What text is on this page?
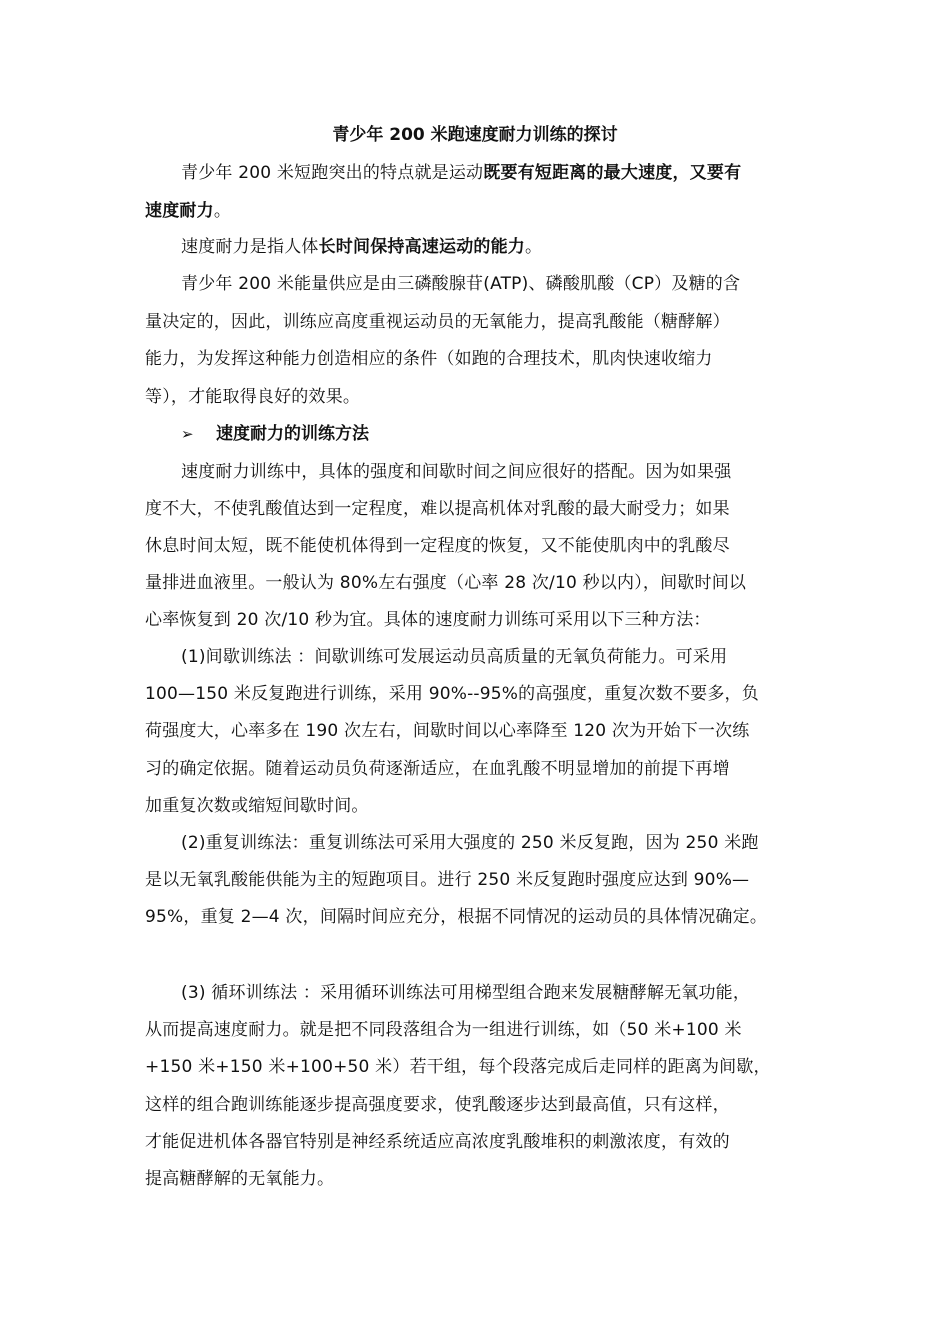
青少年 200 米跑速度耐力训练的探讨
青少年 200 米短跑突出的特点就是运动既要有短距离的最大速度，又要有
速度耐力。
速度耐力是指人体长时间保持高速运动的能力。
青少年 200 米能量供应是由三磷酸腺苷(ATP)、磷酸肌酸（CP）及糖的含
量决定的，因此，训练应高度重视运动员的无氧能力，提高乳酸能（糖酵解）
能力，为发挥这种能力创造相应的条件（如跑的合理技术，肌肉快速收缩力
等），才能取得良好的效果。
➢ 速度耐力的训练方法
速度耐力训练中，具体的强度和间歇时间之间应很好的搭配。因为如果强
度不大，不使乳酸值达到一定程度，难以提高机体对乳酸的最大耐受力；如果
休息时间太短，既不能使机体得到一定程度的恢复，又不能使肌肉中的乳酸尽
量排进血液里。一般认为 80%左右强度（心率 28 次/10 秒以内），间歇时间以
心率恢复到 20 次/10 秒为宜。具体的速度耐力训练可采用以下三种方法：
(1)间歇训练法 ：间歇训练可发展运动员高质量的无氧负荷能力。可采用
100—150 米反复跑进行训练，采用 90%--95%的高强度，重复次数不要多，负
荷强度大，心率多在 190 次左右，间歇时间以心率降至 120 次为开始下一次练
习的确定依据。随着运动员负荷逐渐适应，在血乳酸不明显增加的前提下再增
加重复次数或缩短间歇时间。
(2)重复训练法：重复训练法可采用大强度的 250 米反复跑，因为 250 米跑
是以无氧乳酸能供能为主的短跑项目。进行 250 米反复跑时强度应达到 90%—
95%，重复 2—4 次，间隔时间应充分，根据不同情况的运动员的具体情况确定。
(3) 循环训练法 ：采用循环训练法可用梯型组合跑来发展糖酵解无氧功能，
从而提高速度耐力。就是把不同段落组合为一组进行训练，如（50 米+100 米
+150 米+150 米+100+50 米）若干组，每个段落完成后走同样的距离为间歇，
这样的组合跑训练能逐步提高强度要求，使乳酸逐步达到最高值，只有这样，
才能促进机体各器官特别是神经系统适应高浓度乳酸堆积的刺激浓度，有效的
提高糖酵解的无氧能力。
